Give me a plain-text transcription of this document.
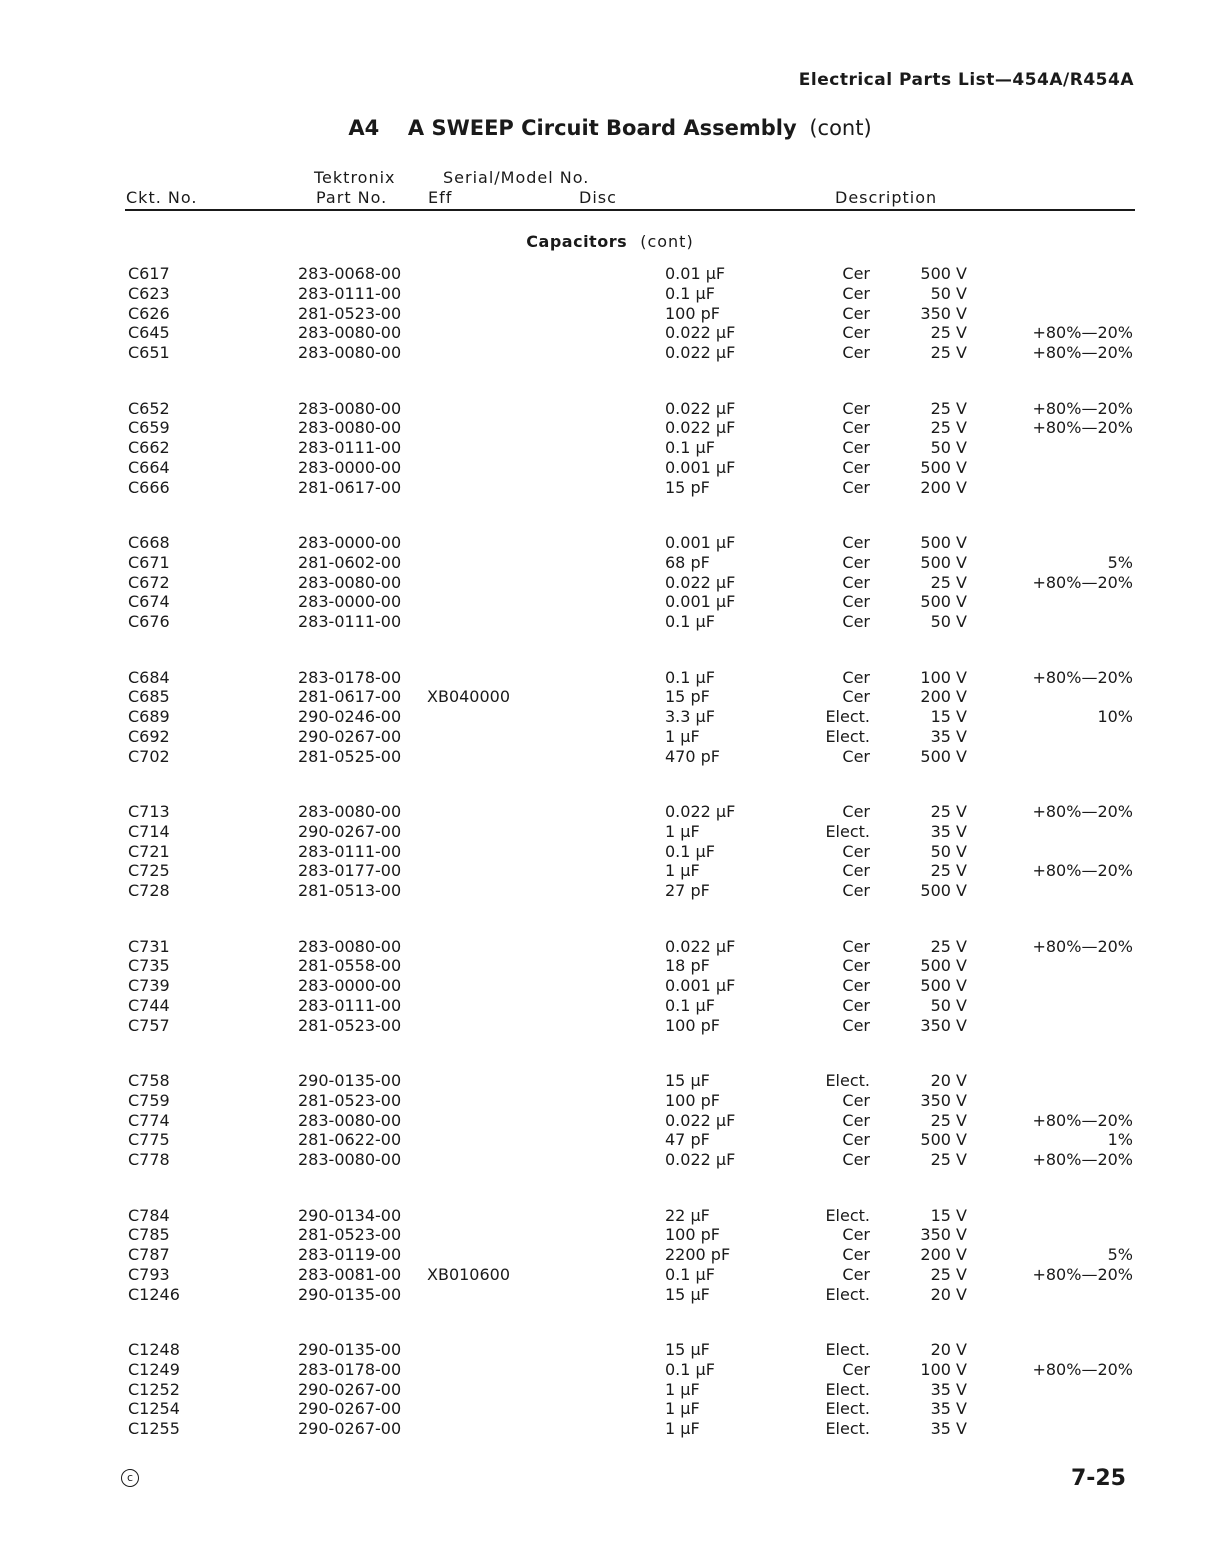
Electrical Parts List—454A/R454A
A4 A SWEEP Circuit Board Assembly (cont)
Ckt. No.
Tektronix
Part No.
Serial/Model No.
Eff	Disc	Description
Capacitors (cont)
C617	283-0068-00	0.01 μF	Cer	500 V
C623	283-0111-00	0.1 μF	Cer	50 V
C626	281-0523-00	100 pF	Cer	350 V
C645	283-0080-00	0.022 μF	Cer	25 V	+80%—20%
C651	283-0080-00	0.022 μF	Cer	25 V	+80%—20%
C652	283-0080-00	0.022 μF	Cer	25 V	+80%—20%
C659	283-0080-00	0.022 μF	Cer	25 V	+80%—20%
C662	283-0111-00	0.1 μF	Cer	50 V
C664	283-0000-00	0.001 μF	Cer	500 V
C666	281-0617-00	15 pF	Cer	200 V
C668	283-0000-00	0.001 μF	Cer	500 V
C671	281-0602-00	68 pF	Cer	500 V	5%
C672	283-0080-00	0.022 μF	Cer	25 V	+80%—20%
C674	283-0000-00	0.001 μF	Cer	500 V
C676	283-0111-00	0.1 μF	Cer	50 V
C684	283-0178-00	0.1 μF	Cer	100 V	+80%—20%
C685	281-0617-00 XB040000	15 pF	Cer	200 V
C689	290-0246-00	3.3 μF	Elect.	15 V	10%
C692	290-0267-00	1 μF	Elect.	35 V
C702	281-0525-00	470 pF	Cer	500 V
C713	283-0080-00	0.022 μF	Cer	25 V	+80%—20%
C714	290-0267-00	1 μF	Elect.	35 V
C721	283-0111-00	0.1 μF	Cer	50 V
C725	283-0177-00	1 μF	Cer	25 V	+80%—20%
C728	281-0513-00	27 pF	Cer	500 V
C731	283-0080-00	0.022 μF	Cer	25 V	+80%—20%
C735	281-0558-00	18 pF	Cer	500 V
C739	283-0000-00	0.001 μF	Cer	500 V
C744	283-0111-00	0.1 μF	Cer	50 V
C757	281-0523-00	100 pF	Cer	350 V
C758	290-0135-00	15 μF	Elect.	20 V
C759	281-0523-00	100 pF	Cer	350 V
C774	283-0080-00	0.022 μF	Cer	25 V	+80%—20%
C775	281-0622-00	47 pF	Cer	500 V	1%
C778	283-0080-00	0.022 μF	Cer	25 V	+80%—20%
C784	290-0134-00	22 μF	Elect.	15 V
C785	281-0523-00	100 pF	Cer	350 V
C787	283-0119-00	2200 pF	Cer	200 V	5%
C793	283-0081-00 XB010600	0.1 μF	Cer	25 V	+80%—20%
C1246	290-0135-00	15 μF	Elect.	20 V
C1248	290-0135-00	15 μF	Elect.	20 V
C1249	283-0178-00	0.1 μF	Cer	100 V	+80%—20%
C1252	290-0267-00	1 μF	Elect.	35 V
C1254	290-0267-00	1 μF	Elect.	35 V
C1255	290-0267-00	1 μF	Elect.	35 V
c	7-25
